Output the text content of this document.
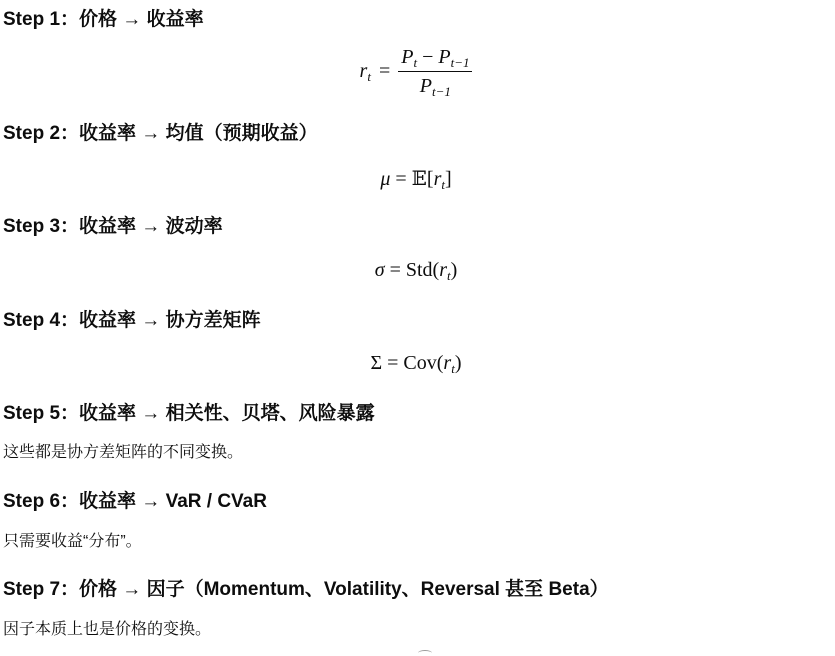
Step 1：价格 → 收益率
$r_t = \frac{P_t - P_{t-1}}{P_{t-1}}$
Step 2：收益率 → 均值（预期收益）
$\mu = 𝔼[r_t]$
Step 3：收益率 → 波动率
$\sigma = Std(r_t)$
Step 4：收益率 → 协方差矩阵
$\Sigma = Cov(r_t)$
Step 5：收益率 → 相关性、贝塔、风险暴露

这些都是协方差矩阵的不同变换。

Step 6：收益率 → VaR / CVaR

只需要收益“分布”。

Step 7：价格 → 因子（Momentum、Volatility、Reversal 甚至 Beta）

因子本质上也是价格的变换。
